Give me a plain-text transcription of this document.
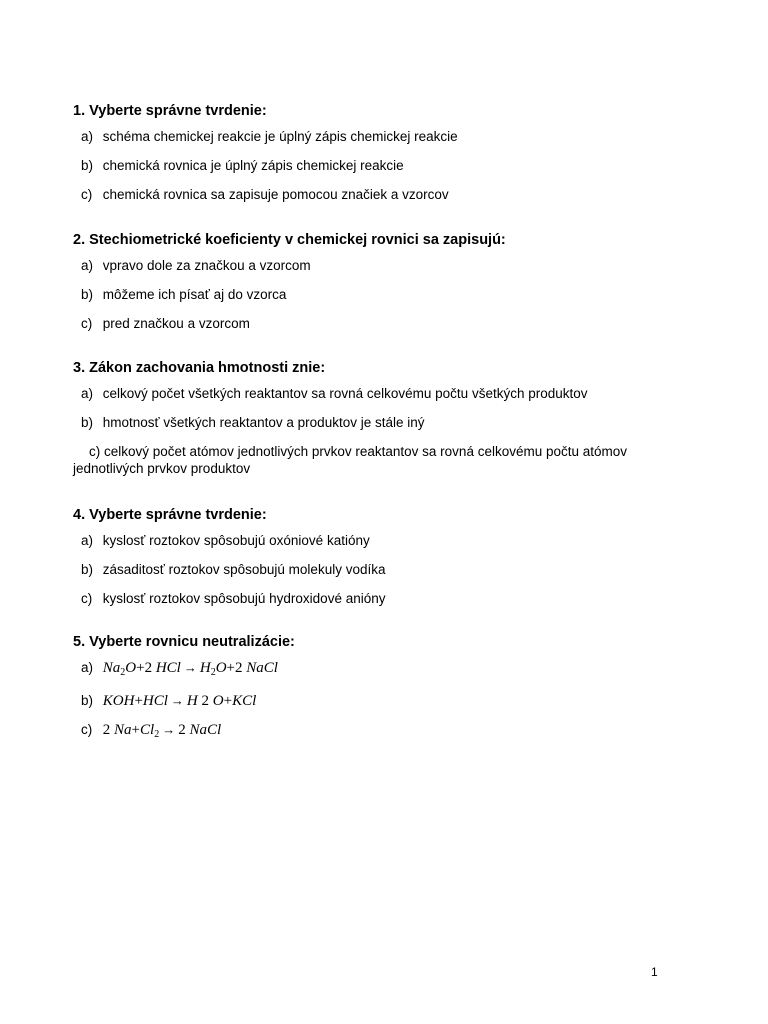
1. Vyberte správne tvrdenie:
a) schéma chemickej reakcie je úplný zápis chemickej reakcie
b) chemická rovnica je úplný zápis chemickej reakcie
c) chemická rovnica sa zapisuje pomocou značiek a vzorcov
2. Stechiometrické koeficienty v chemickej rovnici sa zapisujú:
a) vpravo dole za značkou a vzorcom
b) môžeme ich písať aj do vzorca
c) pred značkou a vzorcom
3. Zákon zachovania hmotnosti znie:
a) celkový počet všetkých reaktantov sa rovná celkovému počtu všetkých produktov
b) hmotnosť všetkých reaktantov a produktov je stále iný
c) celkový počet atómov jednotlivých prvkov reaktantov sa rovná celkovému počtu atómov jednotlivých prvkov produktov
4. Vyberte správne tvrdenie:
a) kyslosť roztokov spôsobujú oxóniové katióny
b) zásaditosť roztokov spôsobujú molekuly vodíka
c) kyslosť roztokov spôsobujú hydroxidové anióny
5. Vyberte rovnicu neutralizácie:
a) $Na_2O+2$ HCl → $H_2O+2$ NaCl
b) KOH+HCl → H 2 O+KCl
c) 2 $Na+Cl_2 \to 2$ NaCl
1
